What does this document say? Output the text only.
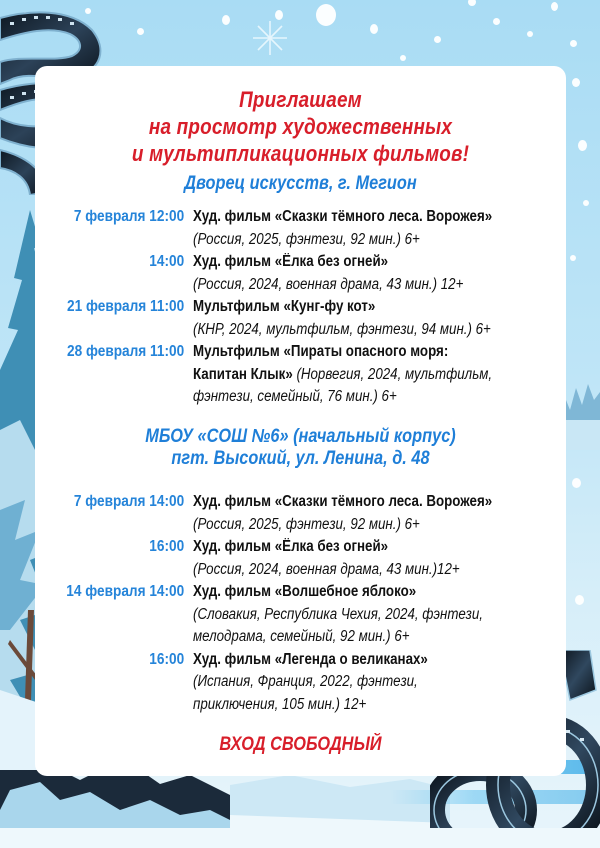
Приглашаем
на просмотр художественных
и мультипликационных фильмов!
Дворец искусств, г. Мегион
7 февраля 12:00 Худ. фильм «Сказки тёмного леса. Ворожея»
(Россия, 2025, фэнтези, 92 мин.) 6+
14:00 Худ. фильм «Ёлка без огней»
(Россия, 2024, военная драма, 43 мин.) 12+
21 февраля 11:00 Мультфильм «Кунг-фу кот»
(КНР, 2024, мультфильм, фэнтези, 94 мин.) 6+
28 февраля 11:00 Мультфильм «Пираты опасного моря:
Капитан Клык» (Норвегия, 2024, мультфильм,
фэнтези, семейный, 76 мин.) 6+
МБОУ «СОШ №6» (начальный корпус)
пгт. Высокий, ул. Ленина, д. 48
7 февраля 14:00 Худ. фильм «Сказки тёмного леса. Ворожея»
(Россия, 2025, фэнтези, 92 мин.) 6+
16:00 Худ. фильм «Ёлка без огней»
(Россия, 2024, военная драма, 43 мин.)12+
14 февраля 14:00 Худ. фильм «Волшебное яблоко»
(Словакия, Республика Чехия, 2024, фэнтези,
мелодрама, семейный, 92 мин.) 6+
16:00 Худ. фильм «Легенда о великанах»
(Испания, Франция, 2022, фэнтези,
приключения, 105 мин.) 12+
ВХОД СВОБОДНЫЙ
